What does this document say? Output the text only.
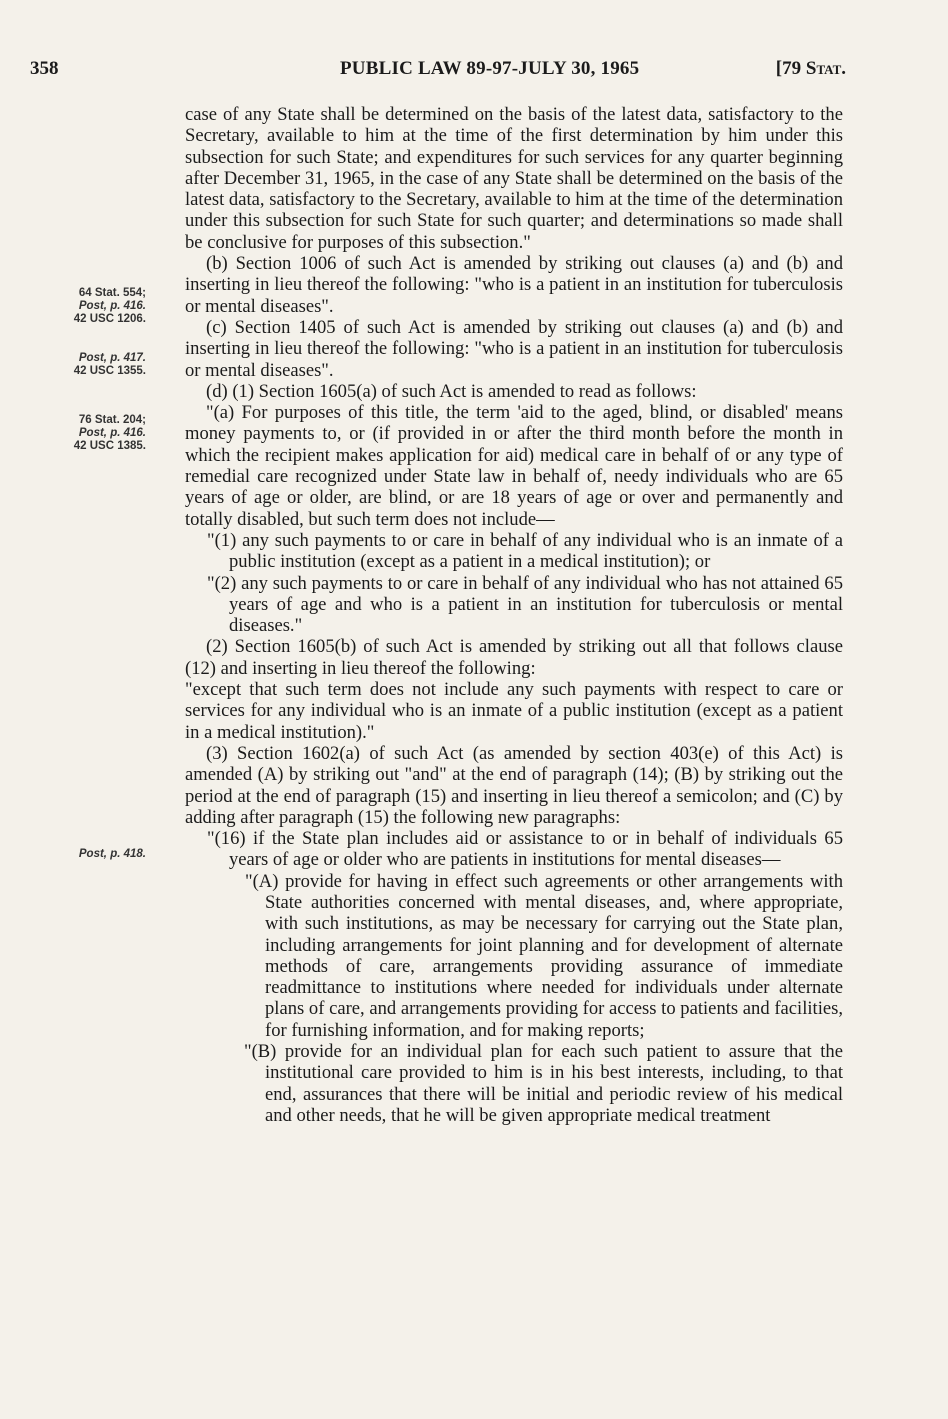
358	PUBLIC LAW 89-97-JULY 30, 1965	[79 Stat.
64 Stat. 554;
Post, p. 416.
42 USC 1206.
Post, p. 417.
42 USC 1355.
76 Stat. 204;
Post, p. 416.
42 USC 1385.
Post, p. 418.

case of any State shall be determined on the basis of the latest data, satisfactory to the Secretary, available to him at the time of the first determination by him under this subsection for such State; and expenditures for such services for any quarter beginning after December 31, 1965, in the case of any State shall be determined on the basis of the latest data, satisfactory to the Secretary, available to him at the time of the determination under this subsection for such State for such quarter; and determinations so made shall be conclusive for purposes of this subsection."

(b) Section 1006 of such Act is amended by striking out clauses (a) and (b) and inserting in lieu thereof the following: "who is a patient in an institution for tuberculosis or mental diseases".

(c) Section 1405 of such Act is amended by striking out clauses (a) and (b) and inserting in lieu thereof the following: "who is a patient in an institution for tuberculosis or mental diseases".

(d) (1) Section 1605(a) of such Act is amended to read as follows:

"(a) For purposes of this title, the term 'aid to the aged, blind, or disabled' means money payments to, or (if provided in or after the third month before the month in which the recipient makes application for aid) medical care in behalf of or any type of remedial care recognized under State law in behalf of, needy individuals who are 65 years of age or older, are blind, or are 18 years of age or over and permanently and totally disabled, but such term does not include—

"(1) any such payments to or care in behalf of any individual who is an inmate of a public institution (except as a patient in a medical institution); or

"(2) any such payments to or care in behalf of any individual who has not attained 65 years of age and who is a patient in an institution for tuberculosis or mental diseases."

(2) Section 1605(b) of such Act is amended by striking out all that follows clause (12) and inserting in lieu thereof the following:

"except that such term does not include any such payments with respect to care or services for any individual who is an inmate of a public institution (except as a patient in a medical institution)."

(3) Section 1602(a) of such Act (as amended by section 403(e) of this Act) is amended (A) by striking out "and" at the end of paragraph (14); (B) by striking out the period at the end of paragraph (15) and inserting in lieu thereof a semicolon; and (C) by adding after paragraph (15) the following new paragraphs:

"(16) if the State plan includes aid or assistance to or in behalf of individuals 65 years of age or older who are patients in institutions for mental diseases—

"(A) provide for having in effect such agreements or other arrangements with State authorities concerned with mental diseases, and, where appropriate, with such institutions, as may be necessary for carrying out the State plan, including arrangements for joint planning and for development of alternate methods of care, arrangements providing assurance of immediate readmittance to institutions where needed for individuals under alternate plans of care, and arrangements providing for access to patients and facilities, for furnishing information, and for making reports;

"(B) provide for an individual plan for each such patient to assure that the institutional care provided to him is in his best interests, including, to that end, assurances that there will be initial and periodic review of his medical and other needs, that he will be given appropriate medical treatment
